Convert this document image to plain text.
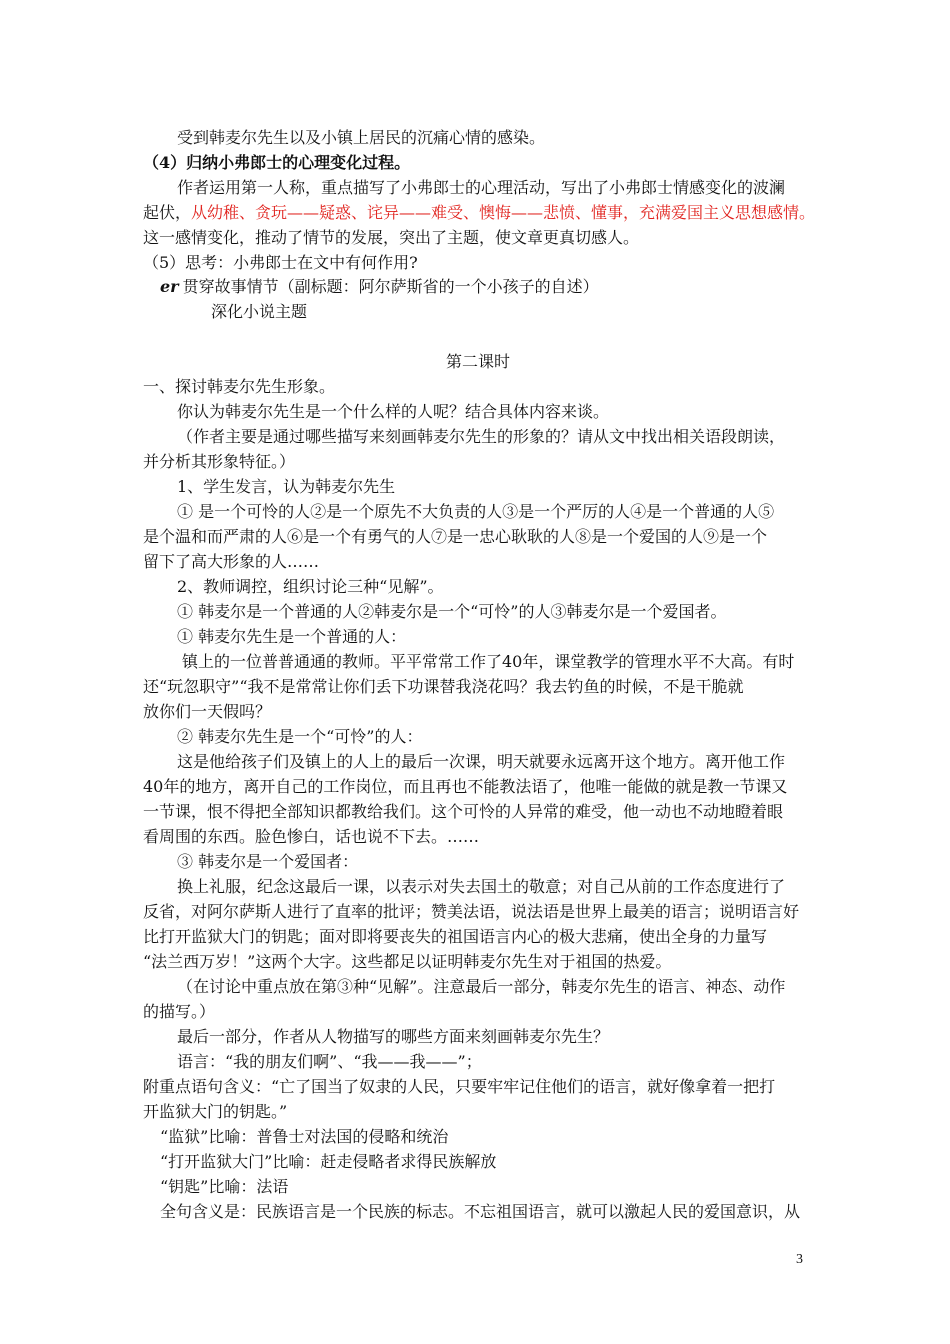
受到韩麦尔先生以及小镇上居民的沉痛心情的感染。
（4）归纳小弗郎士的心理变化过程。
作者运用第一人称，重点描写了小弗郎士的心理活动，写出了小弗郎士情感变化的波澜
起伏，从幼稚、贪玩——疑惑、诧异——难受、懊悔——悲愤、懂事，充满爱国主义思想感情。
这一感情变化，推动了情节的发展，突出了主题，使文章更真切感人。
（5）思考：小弗郎士在文中有何作用?
er 贯穿故事情节（副标题：阿尔萨斯省的一个小孩子的自述）
深化小说主题
第二课时
一、探讨韩麦尔先生形象。
你认为韩麦尔先生是一个什么样的人呢？结合具体内容来谈。
（作者主要是通过哪些描写来刻画韩麦尔先生的形象的？请从文中找出相关语段朗读，
并分析其形象特征。）
1、学生发言，认为韩麦尔先生
① 是一个可怜的人②是一个原先不大负责的人③是一个严厉的人④是一个普通的人⑤
是个温和而严肃的人⑥是一个有勇气的人⑦是一忠心耿耿的人⑧是一个爱国的人⑨是一个
留下了高大形象的人……
2、教师调控，组织讨论三种“见解”。
① 韩麦尔是一个普通的人②韩麦尔是一个“可怜”的人③韩麦尔是一个爱国者。
① 韩麦尔先生是一个普通的人：
镇上的一位普普通通的教师。平平常常工作了40年，课堂教学的管理水平不大高。有时
还“玩忽职守”“我不是常常让你们丢下功课替我浇花吗？我去钓鱼的时候，不是干脆就
放你们一天假吗？
② 韩麦尔先生是一个“可怜”的人：
这是他给孩子们及镇上的人上的最后一次课，明天就要永远离开这个地方。离开他工作
40年的地方，离开自己的工作岗位，而且再也不能教法语了，他唯一能做的就是教一节课又
一节课，恨不得把全部知识都教给我们。这个可怜的人异常的难受，他一动也不动地瞪着眼
看周围的东西。脸色惨白，话也说不下去。……
③ 韩麦尔是一个爱国者：
换上礼服，纪念这最后一课，以表示对失去国土的敬意；对自己从前的工作态度进行了
反省，对阿尔萨斯人进行了直率的批评；赞美法语，说法语是世界上最美的语言；说明语言好
比打开监狱大门的钥匙；面对即将要丧失的祖国语言内心的极大悲痛，使出全身的力量写
“法兰西万岁！”这两个大字。这些都足以证明韩麦尔先生对于祖国的热爱。
（在讨论中重点放在第③种“见解”。注意最后一部分，韩麦尔先生的语言、神态、动作
的描写。）
最后一部分，作者从人物描写的哪些方面来刻画韩麦尔先生？
语言：“我的朋友们啊”、“我——我——”；
附重点语句含义：“亡了国当了奴隶的人民，只要牢牢记住他们的语言，就好像拿着一把打
开监狱大门的钥匙。”
“监狱”比喻：普鲁士对法国的侵略和统治
“打开监狱大门”比喻：赶走侵略者求得民族解放
“钥匙”比喻：法语
全句含义是：民族语言是一个民族的标志。不忘祖国语言，就可以激起人民的爱国意识，从
3
